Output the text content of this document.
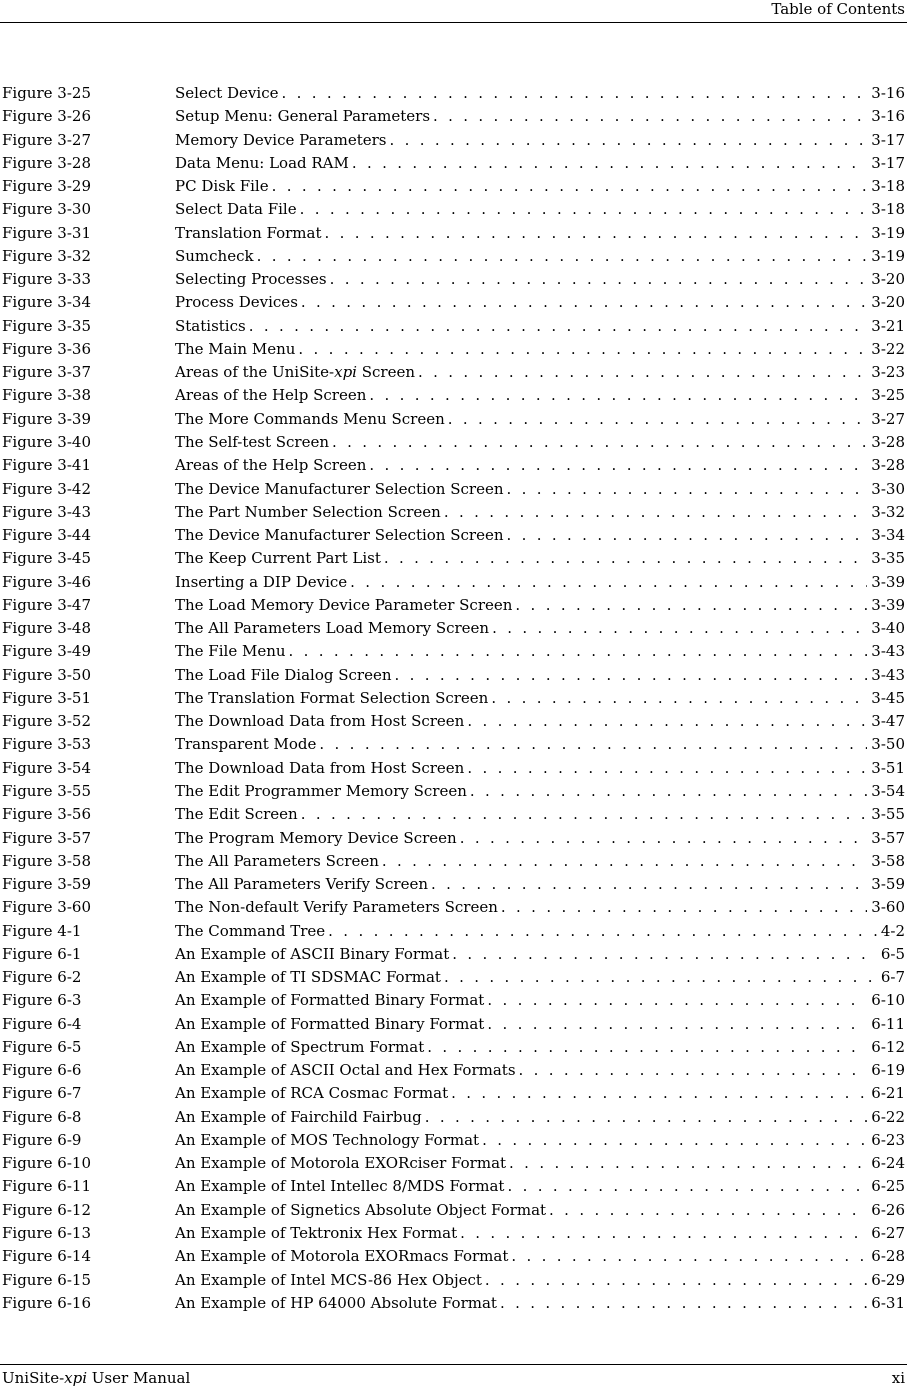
Table of Contents
Figure 3-25	Select Device . . .	3-16
Figure 3-26	Setup Menu: General Parameters . . .	3-16
Figure 3-27	Memory Device Parameters . . .	3-17
Figure 3-28	Data Menu: Load RAM . . .	3-17
Figure 3-29	PC Disk File . . .	3-18
Figure 3-30	Select Data File . . .	3-18
Figure 3-31	Translation Format . . .	3-19
Figure 3-32	Sumcheck . . .	3-19
Figure 3-33	Selecting Processes . . .	3-20
Figure 3-34	Process Devices . . .	3-20
Figure 3-35	Statistics . . .	3-21
Figure 3-36	The Main Menu . . .	3-22
Figure 3-37	Areas of the UniSite-xpi Screen . . .	3-23
Figure 3-38	Areas of the Help Screen . . .	3-25
Figure 3-39	The More Commands Menu Screen . . .	3-27
Figure 3-40	The Self-test Screen . . .	3-28
Figure 3-41	Areas of the Help Screen . . .	3-28
Figure 3-42	The Device Manufacturer Selection Screen . . .	3-30
Figure 3-43	The Part Number Selection Screen . . .	3-32
Figure 3-44	The Device Manufacturer Selection Screen . . .	3-34
Figure 3-45	The Keep Current Part List . . .	3-35
Figure 3-46	Inserting a DIP Device . . .	3-39
Figure 3-47	The Load Memory Device Parameter Screen . . .	3-39
Figure 3-48	The All Parameters Load Memory Screen . . .	3-40
Figure 3-49	The File Menu . . .	3-43
Figure 3-50	The Load File Dialog Screen . . .	3-43
Figure 3-51	The Translation Format Selection Screen . . .	3-45
Figure 3-52	The Download Data from Host Screen . . .	3-47
Figure 3-53	Transparent Mode . . .	3-50
Figure 3-54	The Download Data from Host Screen . . .	3-51
Figure 3-55	The Edit Programmer Memory Screen . . .	3-54
Figure 3-56	The Edit Screen . . .	3-55
Figure 3-57	The Program Memory Device Screen . . .	3-57
Figure 3-58	The All Parameters Screen . . .	3-58
Figure 3-59	The All Parameters Verify Screen . . .	3-59
Figure 3-60	The Non-default Verify Parameters Screen . . .	3-60
Figure 4-1	The Command Tree . . .	4-2
Figure 6-1	An Example of ASCII Binary Format . . .	6-5
Figure 6-2	An Example of TI SDSMAC Format . . .	6-7
Figure 6-3	An Example of Formatted Binary Format . . .	6-10
Figure 6-4	An Example of Formatted Binary Format . . .	6-11
Figure 6-5	An Example of Spectrum Format . . .	6-12
Figure 6-6	An Example of ASCII Octal and Hex Formats . . .	6-19
Figure 6-7	An Example of RCA Cosmac Format . . .	6-21
Figure 6-8	An Example of Fairchild Fairbug . . .	6-22
Figure 6-9	An Example of MOS Technology Format . . .	6-23
Figure 6-10	An Example of Motorola EXORciser Format . . .	6-24
Figure 6-11	An Example of Intel Intellec 8/MDS Format . . .	6-25
Figure 6-12	An Example of Signetics Absolute Object Format . . .	6-26
Figure 6-13	An Example of Tektronix Hex Format . . .	6-27
Figure 6-14	An Example of Motorola EXORmacs Format . . .	6-28
Figure 6-15	An Example of Intel MCS-86 Hex Object . . .	6-29
Figure 6-16	An Example of HP 64000 Absolute Format . . .	6-31
UniSite-xpi User Manual	xi
